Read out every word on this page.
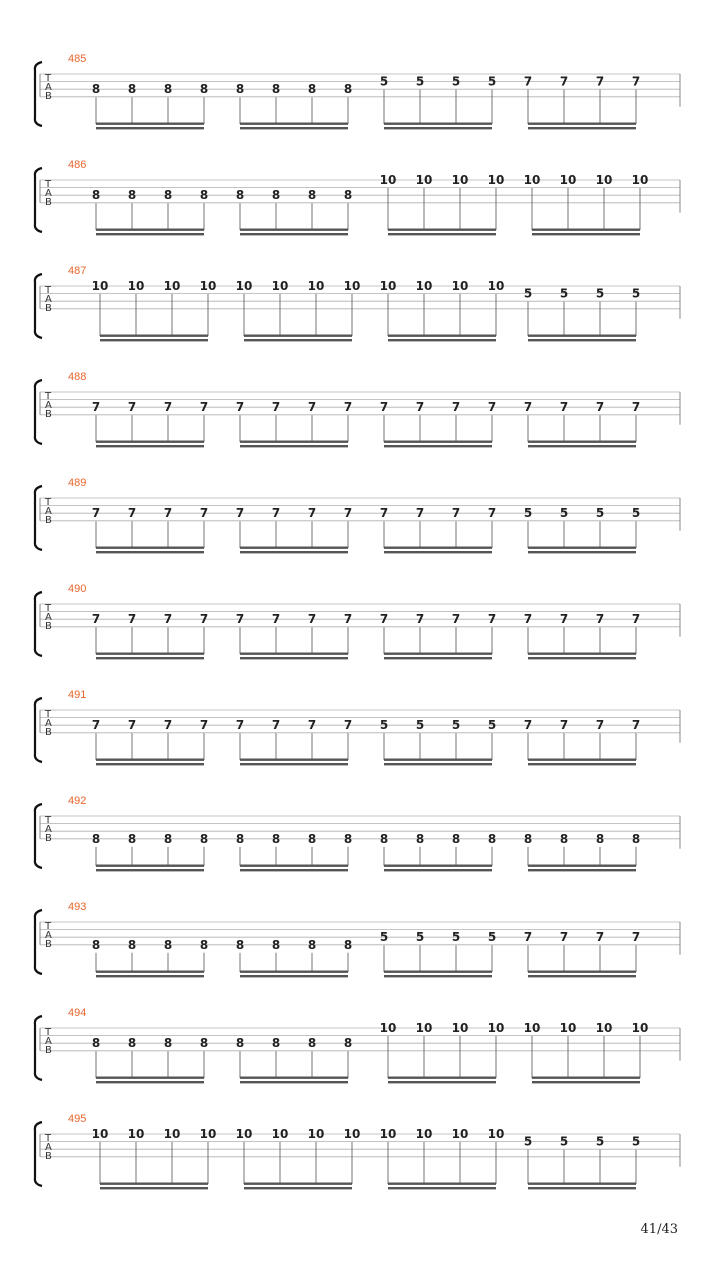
485
T
A
B
8 8 8 8 8 8 8 8
5 5 5 5 7 7 7 7
486
T
A
B
8 8 8 8 8 8 8 8
10 10 10 10 10 10 10 10
487
T
A
B
10 10 10 10 10 10 10 10 10 10 10 10
5 5 5 5
488
T
A
B
7 7 7 7 7 7 7 7 7 7 7 7 7 7 7 7
489
T
A
B
7 7 7 7 7 7 7 7 7 7 7 7 5 5 5 5
490
T
A
B
7 7 7 7 7 7 7 7 7 7 7 7 7 7 7 7
491
T
A
B
7 7 7 7 7 7 7 7 5 5 5 5 7 7 7 7
492
T
A
B	8 8 8 8 8 8 8 8 8 8 8 8 8 8 8 8
493
T
A
B	8 8 8 8 8 8 8 8
5 5 5 5 7 7 7 7
494
T
A
B
8 8 8 8 8 8 8 8
10 10 10 10 10 10 10 10
495
T
A
B
10 10 10 10 10 10 10 10 10 10 10 10
5 5 5 5
41/43
